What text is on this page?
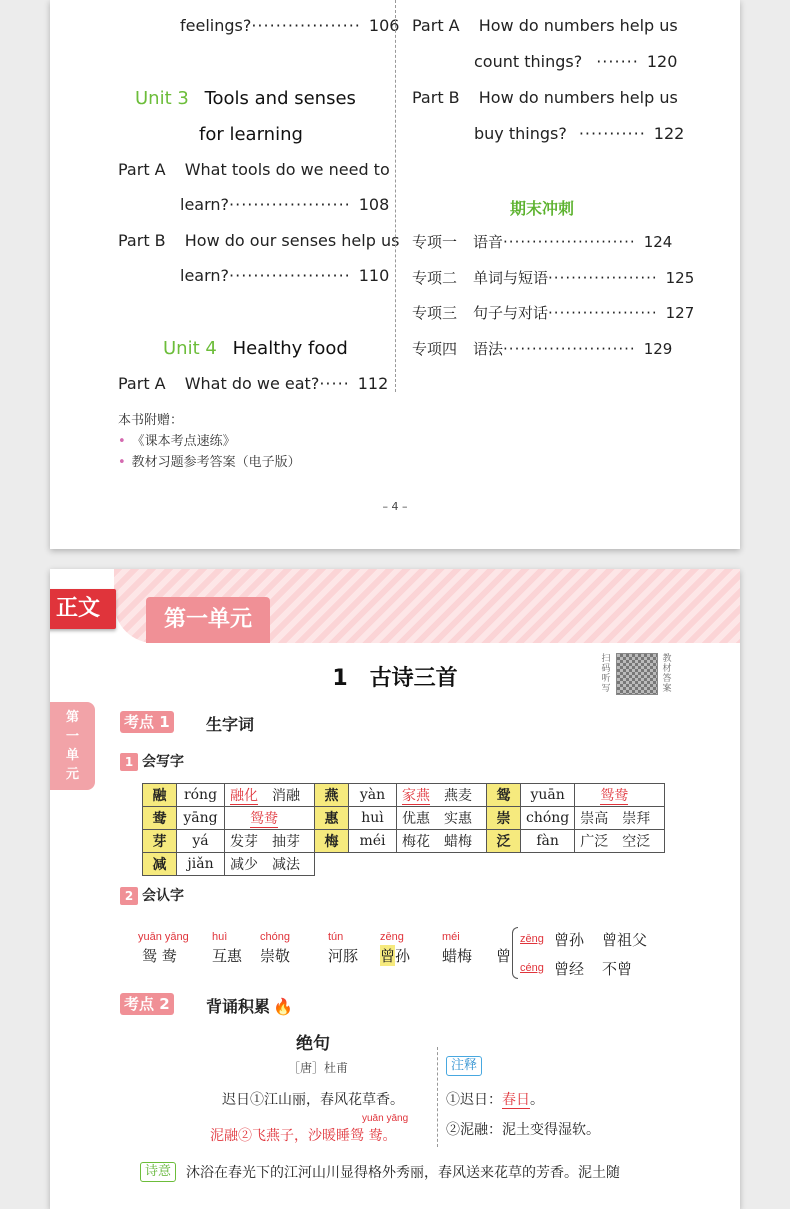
feelings?·················· 106
Unit 3 Tools and senses
for learning
Part A What tools do we need to
learn?···················· 108
Part B How do our senses help us
learn?···················· 110
Unit 4 Healthy food
Part A What do we eat?····· 112
Part A How do numbers help us
count things? ······· 120
Part B How do numbers help us
buy things? ··········· 122
期末冲刺
本书附赠：
• 《课本考点速练》
• 教材习题参考答案（电子版）
– 4 –
专项一 语音······················· 124
专项二 单词与短语··················· 125
专项三 句子与对话··················· 127
专项四 语法······················· 129
正文	第一单元
第
一
单
元
1　古诗三首
扫
码
听
写
教
材
答
案
考点 1 生字词
1 会写字
融	róng	融化 消融	燕	yàn	家燕 燕麦	鸳	yuān	鸳鸯
鸯	yāng	鸳鸯	惠	huì	优惠 实惠	崇	chóng	崇高 崇拜
芽	yá	发芽 抽芽	梅	méi	梅花 蜡梅	泛	fàn	广泛 空泛
减	jiǎn	减少 减法						
2 会认字
曾
zēng 曾孙 曾祖父
céng 曾经 不曾
考点 2 背诵积累 🔥
绝句
［唐］杜甫
迟日①江山丽，春风花草香。
yuān yāng
泥融②飞燕子，沙暖睡鸳 鸯。
注释
①迟日：春日。
②泥融：泥土变得湿软。
诗意	沐浴在春光下的江河山川显得格外秀丽，春风送来花草的芳香。泥土随
yuān yāng
鸳 鸯
huì
互惠
chóng
崇敬
tún
河豚
zēng
曾孙
méi
蜡梅
